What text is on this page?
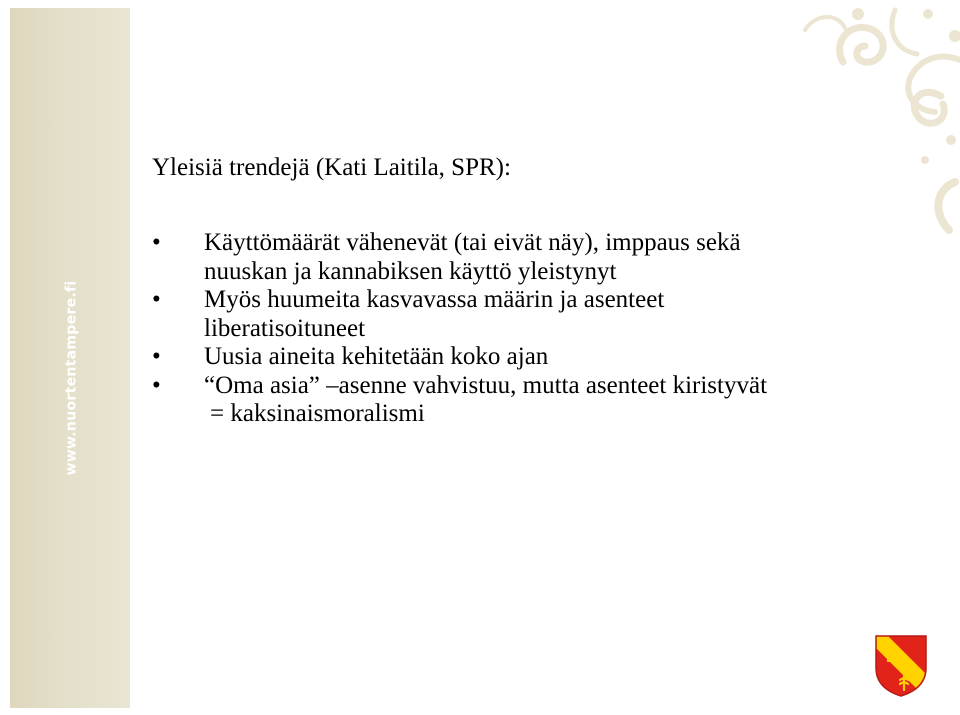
www.nuortentampere.fi
Yleisiä trendejä (Kati Laitila, SPR):
• Käyttömäärät vähenevät (tai eivät näy), imppaus sekä
nuuskan ja kannabiksen käyttö yleistynyt
• Myös huumeita kasvavassa määrin ja asenteet
liberatisoituneet
• Uusia aineita kehitetään koko ajan
• “Oma asia” –asenne vahvistuu, mutta asenteet kiristyvät
= kaksinaismoralismi
